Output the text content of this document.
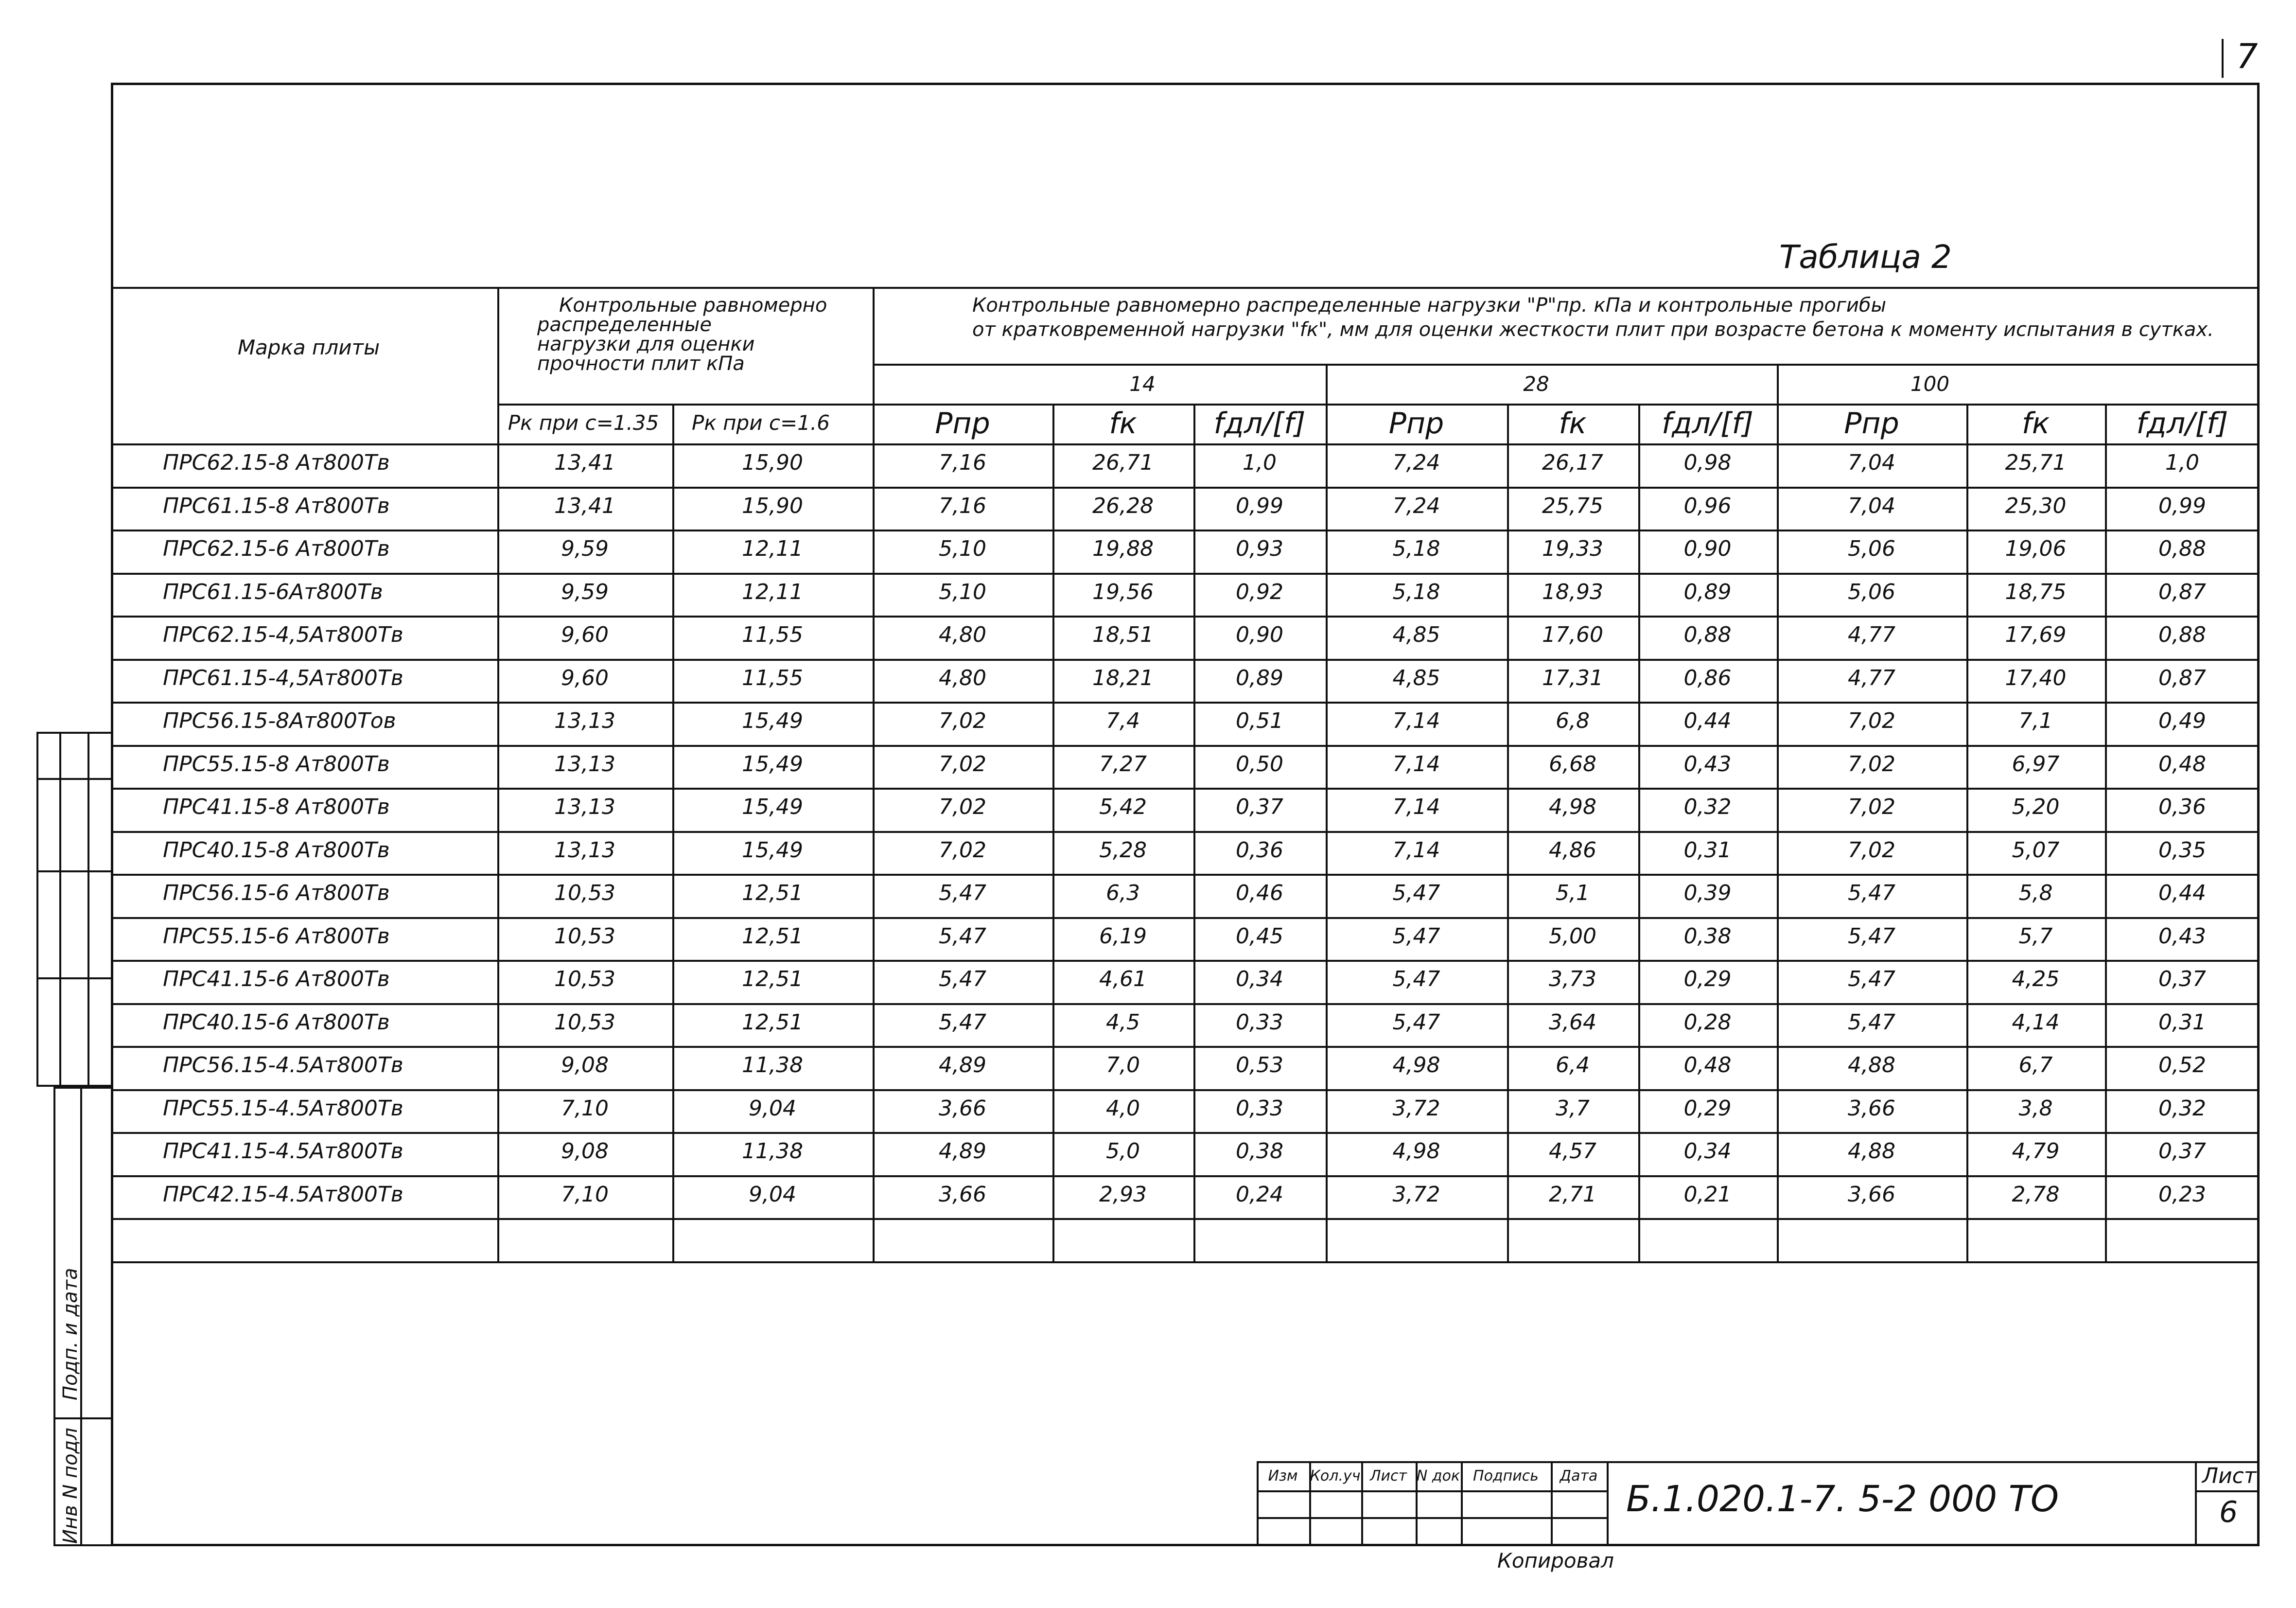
7
Таблица 2
Марка плиты
Контрольные равномерно
распределенные
нагрузки для оценки
прочности плит кПа
Контрольные равномерно распределенные нагрузки "Р"пр. кПа и контрольные прогибы
от кратковременной нагрузки "fк", мм для оценки жесткости плит при возрасте бетона к моменту испытания в сутках.
14	28	100
Рк при с=1.35 Рк при с=1.6	Рпр	fк	fдл/[f]	Рпр	fк	fдл/[f]	Рпр	fк	fдл/[f]
ПРС62.15-8 Ат800Тв	13,41	15,90	7,16	26,71	1,0	7,24	26,17	0,98	7,04	25,71	1,0
ПРС61.15-8 Ат800Тв	13,41	15,90	7,16	26,28	0,99	7,24	25,75	0,96	7,04	25,30	0,99
ПРС62.15-6 Ат800Тв	9,59	12,11	5,10	19,88	0,93	5,18	19,33	0,90	5,06	19,06	0,88
ПРС61.15-6Ат800Тв	9,59	12,11	5,10	19,56	0,92	5,18	18,93	0,89	5,06	18,75	0,87
ПРС62.15-4,5Ат800Тв	9,60	11,55	4,80	18,51	0,90	4,85	17,60	0,88	4,77	17,69	0,88
ПРС61.15-4,5Ат800Тв	9,60	11,55	4,80	18,21	0,89	4,85	17,31	0,86	4,77	17,40	0,87
ПРС56.15-8Ат800Тов	13,13	15,49	7,02	7,4	0,51	7,14	6,8	0,44	7,02	7,1	0,49
ПРС55.15-8 Ат800Тв	13,13	15,49	7,02	7,27	0,50	7,14	6,68	0,43	7,02	6,97	0,48
ПРС41.15-8 Ат800Тв	13,13	15,49	7,02	5,42	0,37	7,14	4,98	0,32	7,02	5,20	0,36
ПРС40.15-8 Ат800Тв	13,13	15,49	7,02	5,28	0,36	7,14	4,86	0,31	7,02	5,07	0,35
ПРС56.15-6 Ат800Тв	10,53	12,51	5,47	6,3	0,46	5,47	5,1	0,39	5,47	5,8	0,44
ПРС55.15-6 Ат800Тв	10,53	12,51	5,47	6,19	0,45	5,47	5,00	0,38	5,47	5,7	0,43
ПРС41.15-6 Ат800Тв	10,53	12,51	5,47	4,61	0,34	5,47	3,73	0,29	5,47	4,25	0,37
ПРС40.15-6 Ат800Тв	10,53	12,51	5,47	4,5	0,33	5,47	3,64	0,28	5,47	4,14	0,31
ПРС56.15-4.5Ат800Тв	9,08	11,38	4,89	7,0	0,53	4,98	6,4	0,48	4,88	6,7	0,52
ПРС55.15-4.5Ат800Тв	7,10	9,04	3,66	4,0	0,33	3,72	3,7	0,29	3,66	3,8	0,32
ПРС41.15-4.5Ат800Тв	9,08	11,38	4,89	5,0	0,38	4,98	4,57	0,34	4,88	4,79	0,37
ПРС42.15-4.5Ат800Тв	7,10	9,04	3,66	2,93	0,24	3,72	2,71	0,21	3,66	2,78	0,23
Инв N подл
Подп. и дата
Изм Кол.уч Лист N док Подпись Дата
Б.1.020.1-7. 5-2 000 ТО
Лист
6
Копировал
